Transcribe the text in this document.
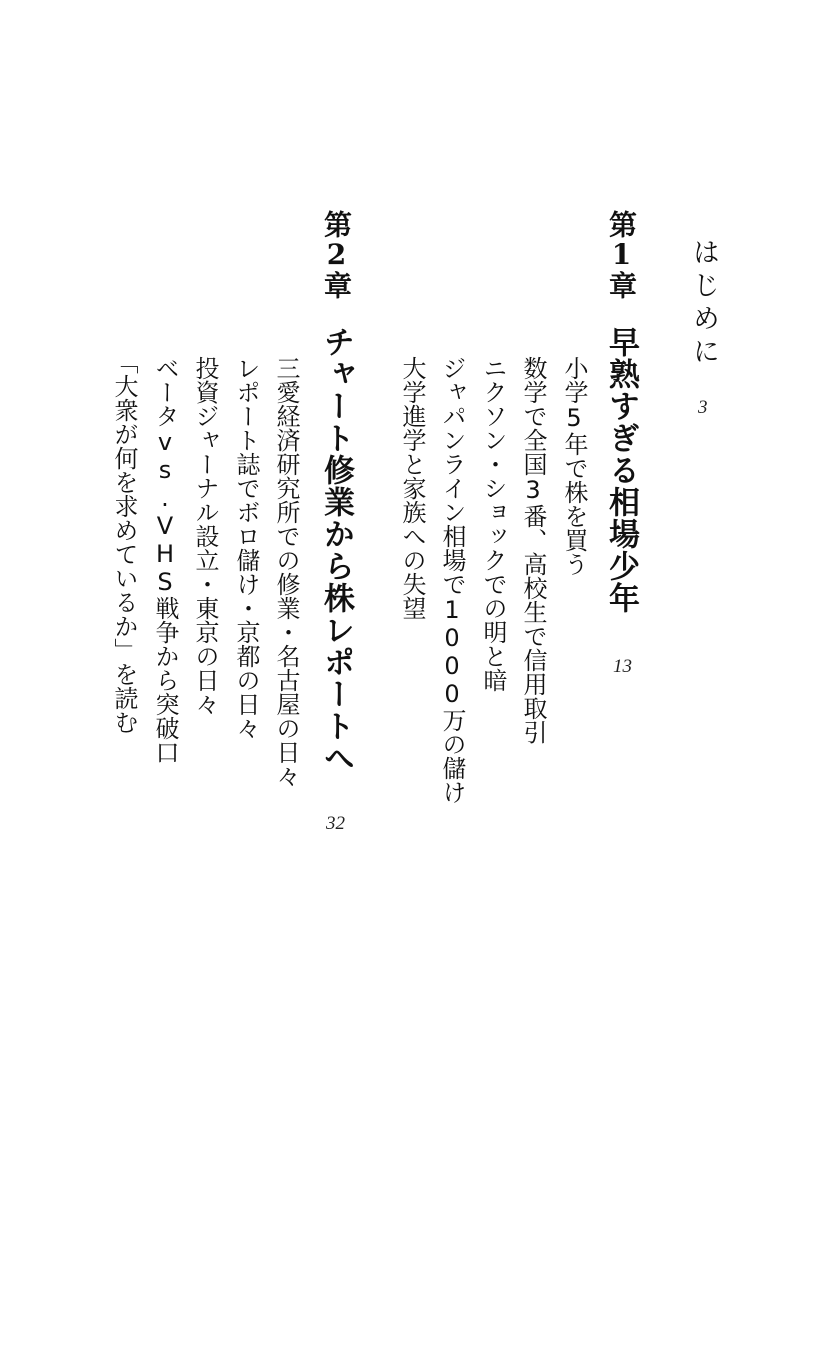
はじめに
3
第1章
早熟すぎる相場少年
13
小学5年で株を買う
数学で全国3番、高校生で信用取引
ニクソン・ショックでの明と暗
ジャパンライン相場で1000万の儲け
大学進学と家族への失望
第2章
チャート修業から株レポートへ
32
三愛経済研究所での修業・名古屋の日々
レポート誌でボロ儲け・京都の日々
投資ジャーナル設立・東京の日々
ベータvs.VHS戦争から突破口
「大衆が何を求めているか」を読む
